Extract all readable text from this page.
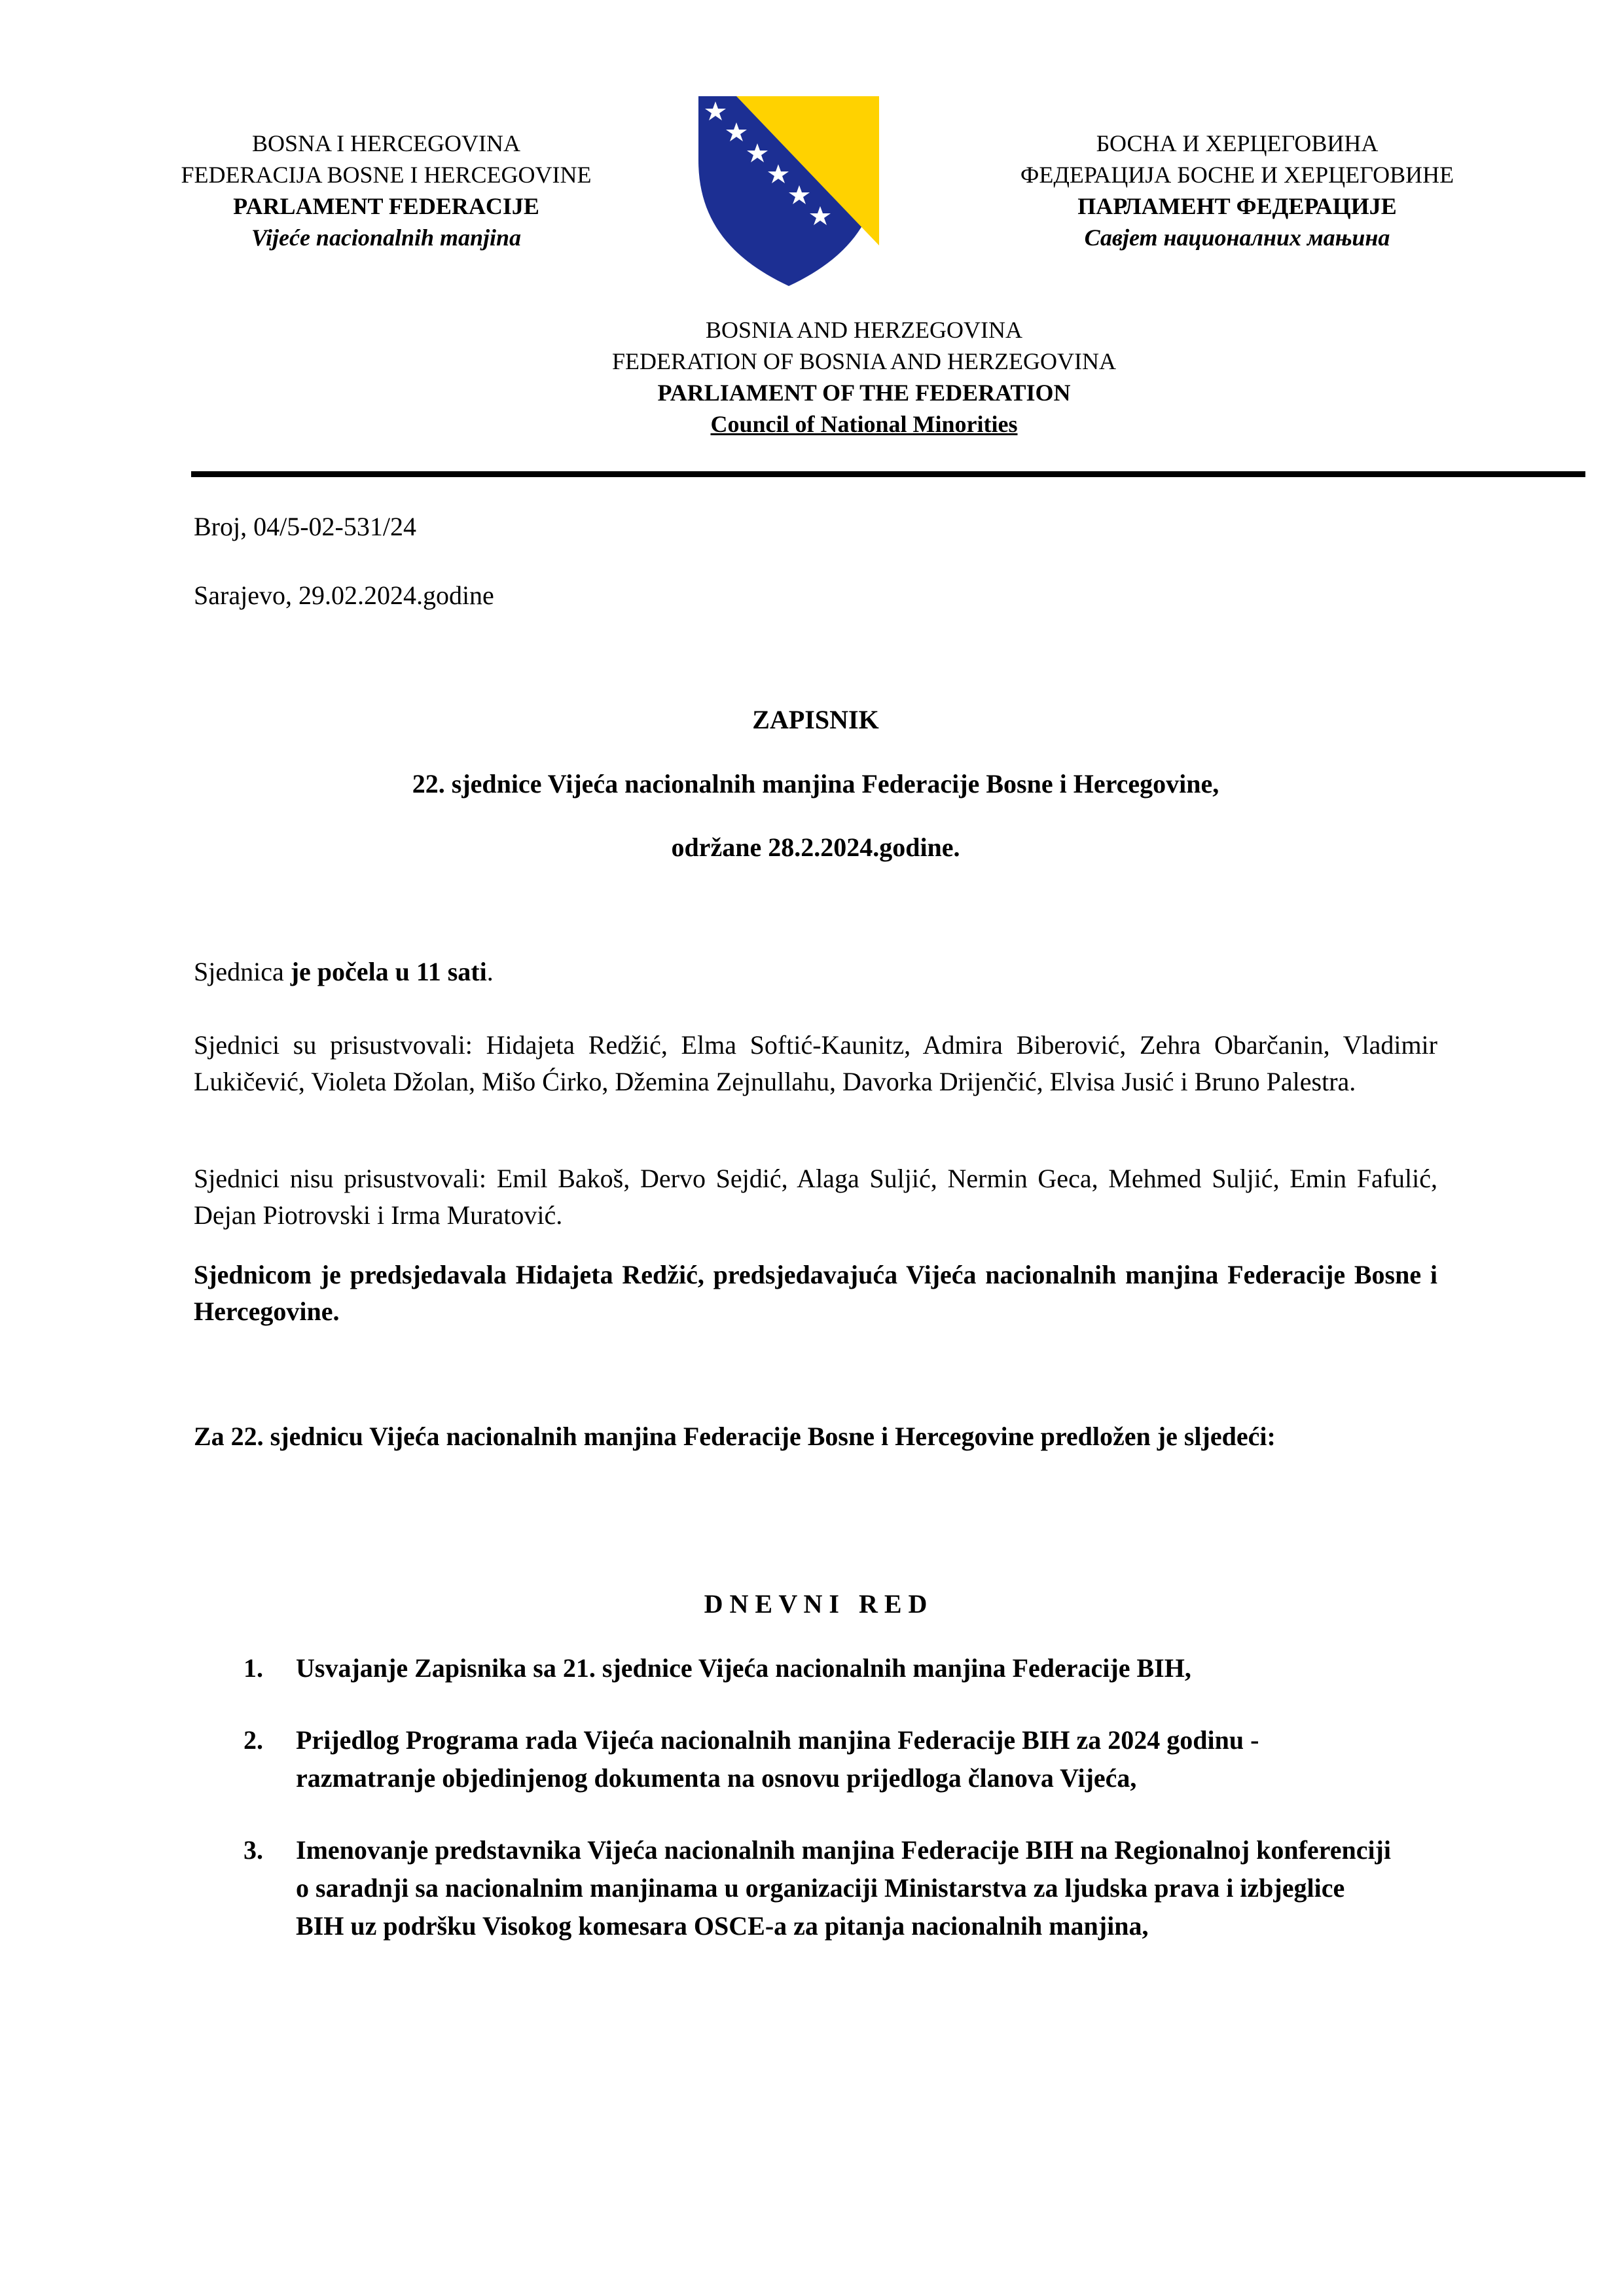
BOSNA I HERCEGOVINA
FEDERACIJA BOSNE I HERCEGOVINE
PARLAMENT FEDERACIJE
Vijeće nacionalnih manjina
БОСНА И ХЕРЦЕГОВИНА
ФЕДЕРАЦИЈА БОСНЕ И ХЕРЦЕГОВИНЕ
ПАРЛАМЕНТ ФЕДЕРАЦИЈЕ
Савјет националних мањина
BOSNIA AND HERZEGOVINA
FEDERATION OF BOSNIA AND HERZEGOVINA
PARLIAMENT OF THE FEDERATION
Council of National Minorities
Broj, 04/5-02-531/24
Sarajevo, 29.02.2024.godine
ZAPISNIK
22. sjednice Vijeća nacionalnih manjina Federacije Bosne i Hercegovine,
održane 28.2.2024.godine.
Sjednica je počela u 11 sati.
Sjednici su prisustvovali: Hidajeta Redžić, Elma Softić-Kaunitz, Admira Biberović, Zehra Obarčanin, Vladimir Lukičević, Violeta Džolan, Mišo Ćirko, Džemina Zejnullahu, Davorka Drijenčić, Elvisa Jusić i Bruno Palestra.
Sjednici nisu prisustvovali: Emil Bakoš, Dervo Sejdić, Alaga Suljić, Nermin Geca, Mehmed Suljić, Emin Fafulić, Dejan Piotrovski i Irma Muratović.
Sjednicom je predsjedavala Hidajeta Redžić, predsjedavajuća Vijeća nacionalnih manjina Federacije Bosne i Hercegovine.
Za 22. sjednicu Vijeća nacionalnih manjina Federacije Bosne i Hercegovine predložen je sljedeći:
D N E V N I   R E D
1. Usvajanje Zapisnika sa 21. sjednice Vijeća nacionalnih manjina Federacije BIH,
2. Prijedlog Programa rada Vijeća nacionalnih manjina Federacije BIH za 2024 godinu - razmatranje objedinjenog dokumenta na osnovu prijedloga članova Vijeća,
3. Imenovanje predstavnika Vijeća nacionalnih manjina Federacije BIH na Regionalnoj konferenciji o saradnji sa nacionalnim manjinama u organizaciji Ministarstva za ljudska prava i izbjeglice BIH uz podršku Visokog komesara OSCE-a za pitanja nacionalnih manjina,
